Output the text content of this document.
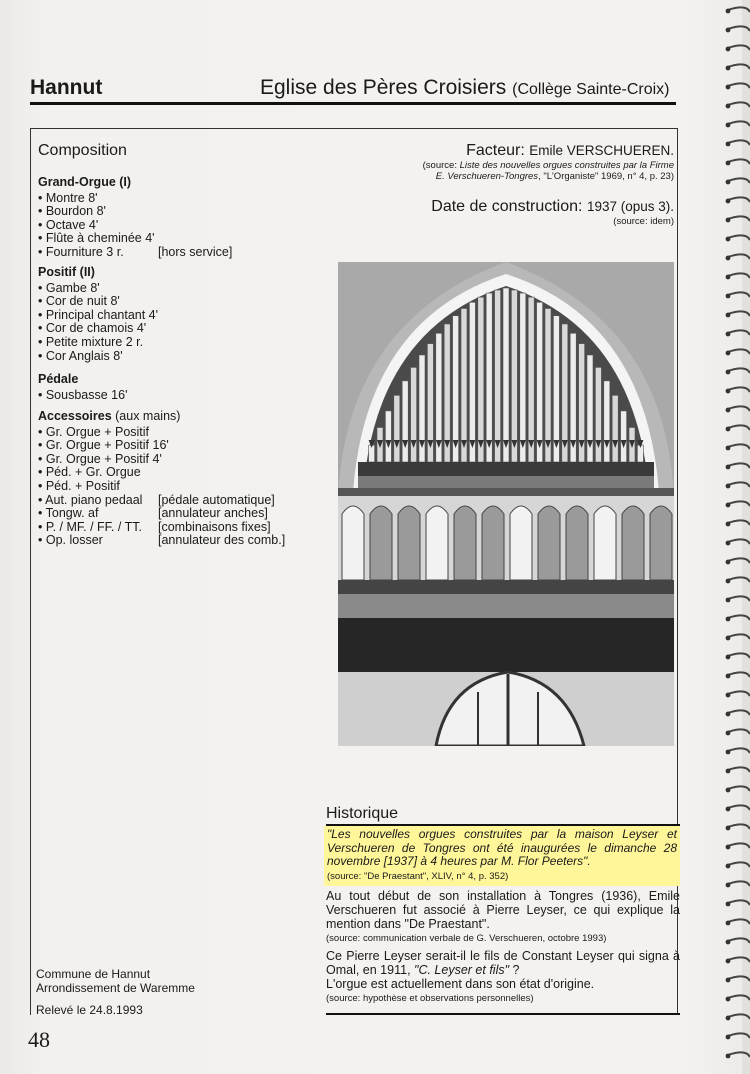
Hannut	Eglise des Pères Croisiers (Collège Sainte-Croix)
Composition
Grand-Orgue (I)
• Montre 8'
• Bourdon 8'
• Octave 4'
• Flûte à cheminée 4'
• Fourniture 3 r.	[hors service]
Positif (II)
• Gambe 8'
• Cor de nuit 8'
• Principal chantant 4'
• Cor de chamois 4'
• Petite mixture 2 r.
• Cor Anglais 8'
Pédale
• Sousbasse 16'
Accessoires (aux mains)
• Gr. Orgue + Positif
• Gr. Orgue + Positif 16'
• Gr. Orgue + Positif 4'
• Péd. + Gr. Orgue
• Péd. + Positif
• Aut. piano pedaal	[pédale automatique]
• Tongw. af	[annulateur anches]
• P. / MF. / FF. / TT.	[combinaisons fixes]
• Op. losser	[annulateur des comb.]
Facteur: Emile VERSCHUEREN.
(source: Liste des nouvelles orgues construites par la Firme
E. Verschueren-Tongres, "L'Organiste" 1969, n° 4, p. 23)
Date de construction: 1937 (opus 3).
(source: idem)
Historique
"Les nouvelles orgues construites par la maison Leyser et Verschueren de Tongres ont été inaugurées le dimanche 28 novembre [1937] à 4 heures par M. Flor Peeters".
(source: "De Praestant", XLIV, n° 4, p. 352)
Au tout début de son installation à Tongres (1936), Emile Verschueren fut associé à Pierre Leyser, ce qui explique la mention dans "De Praestant".
(source: communication verbale de G. Verschueren, octobre 1993)
Ce Pierre Leyser serait-il le fils de Constant Leyser qui signa à Omal, en 1911, "C. Leyser et fils" ?
L'orgue est actuellement dans son état d'origine.
(source: hypothèse et observations personnelles)
Commune de Hannut
Arrondissement de Waremme
Relevé le 24.8.1993
48
